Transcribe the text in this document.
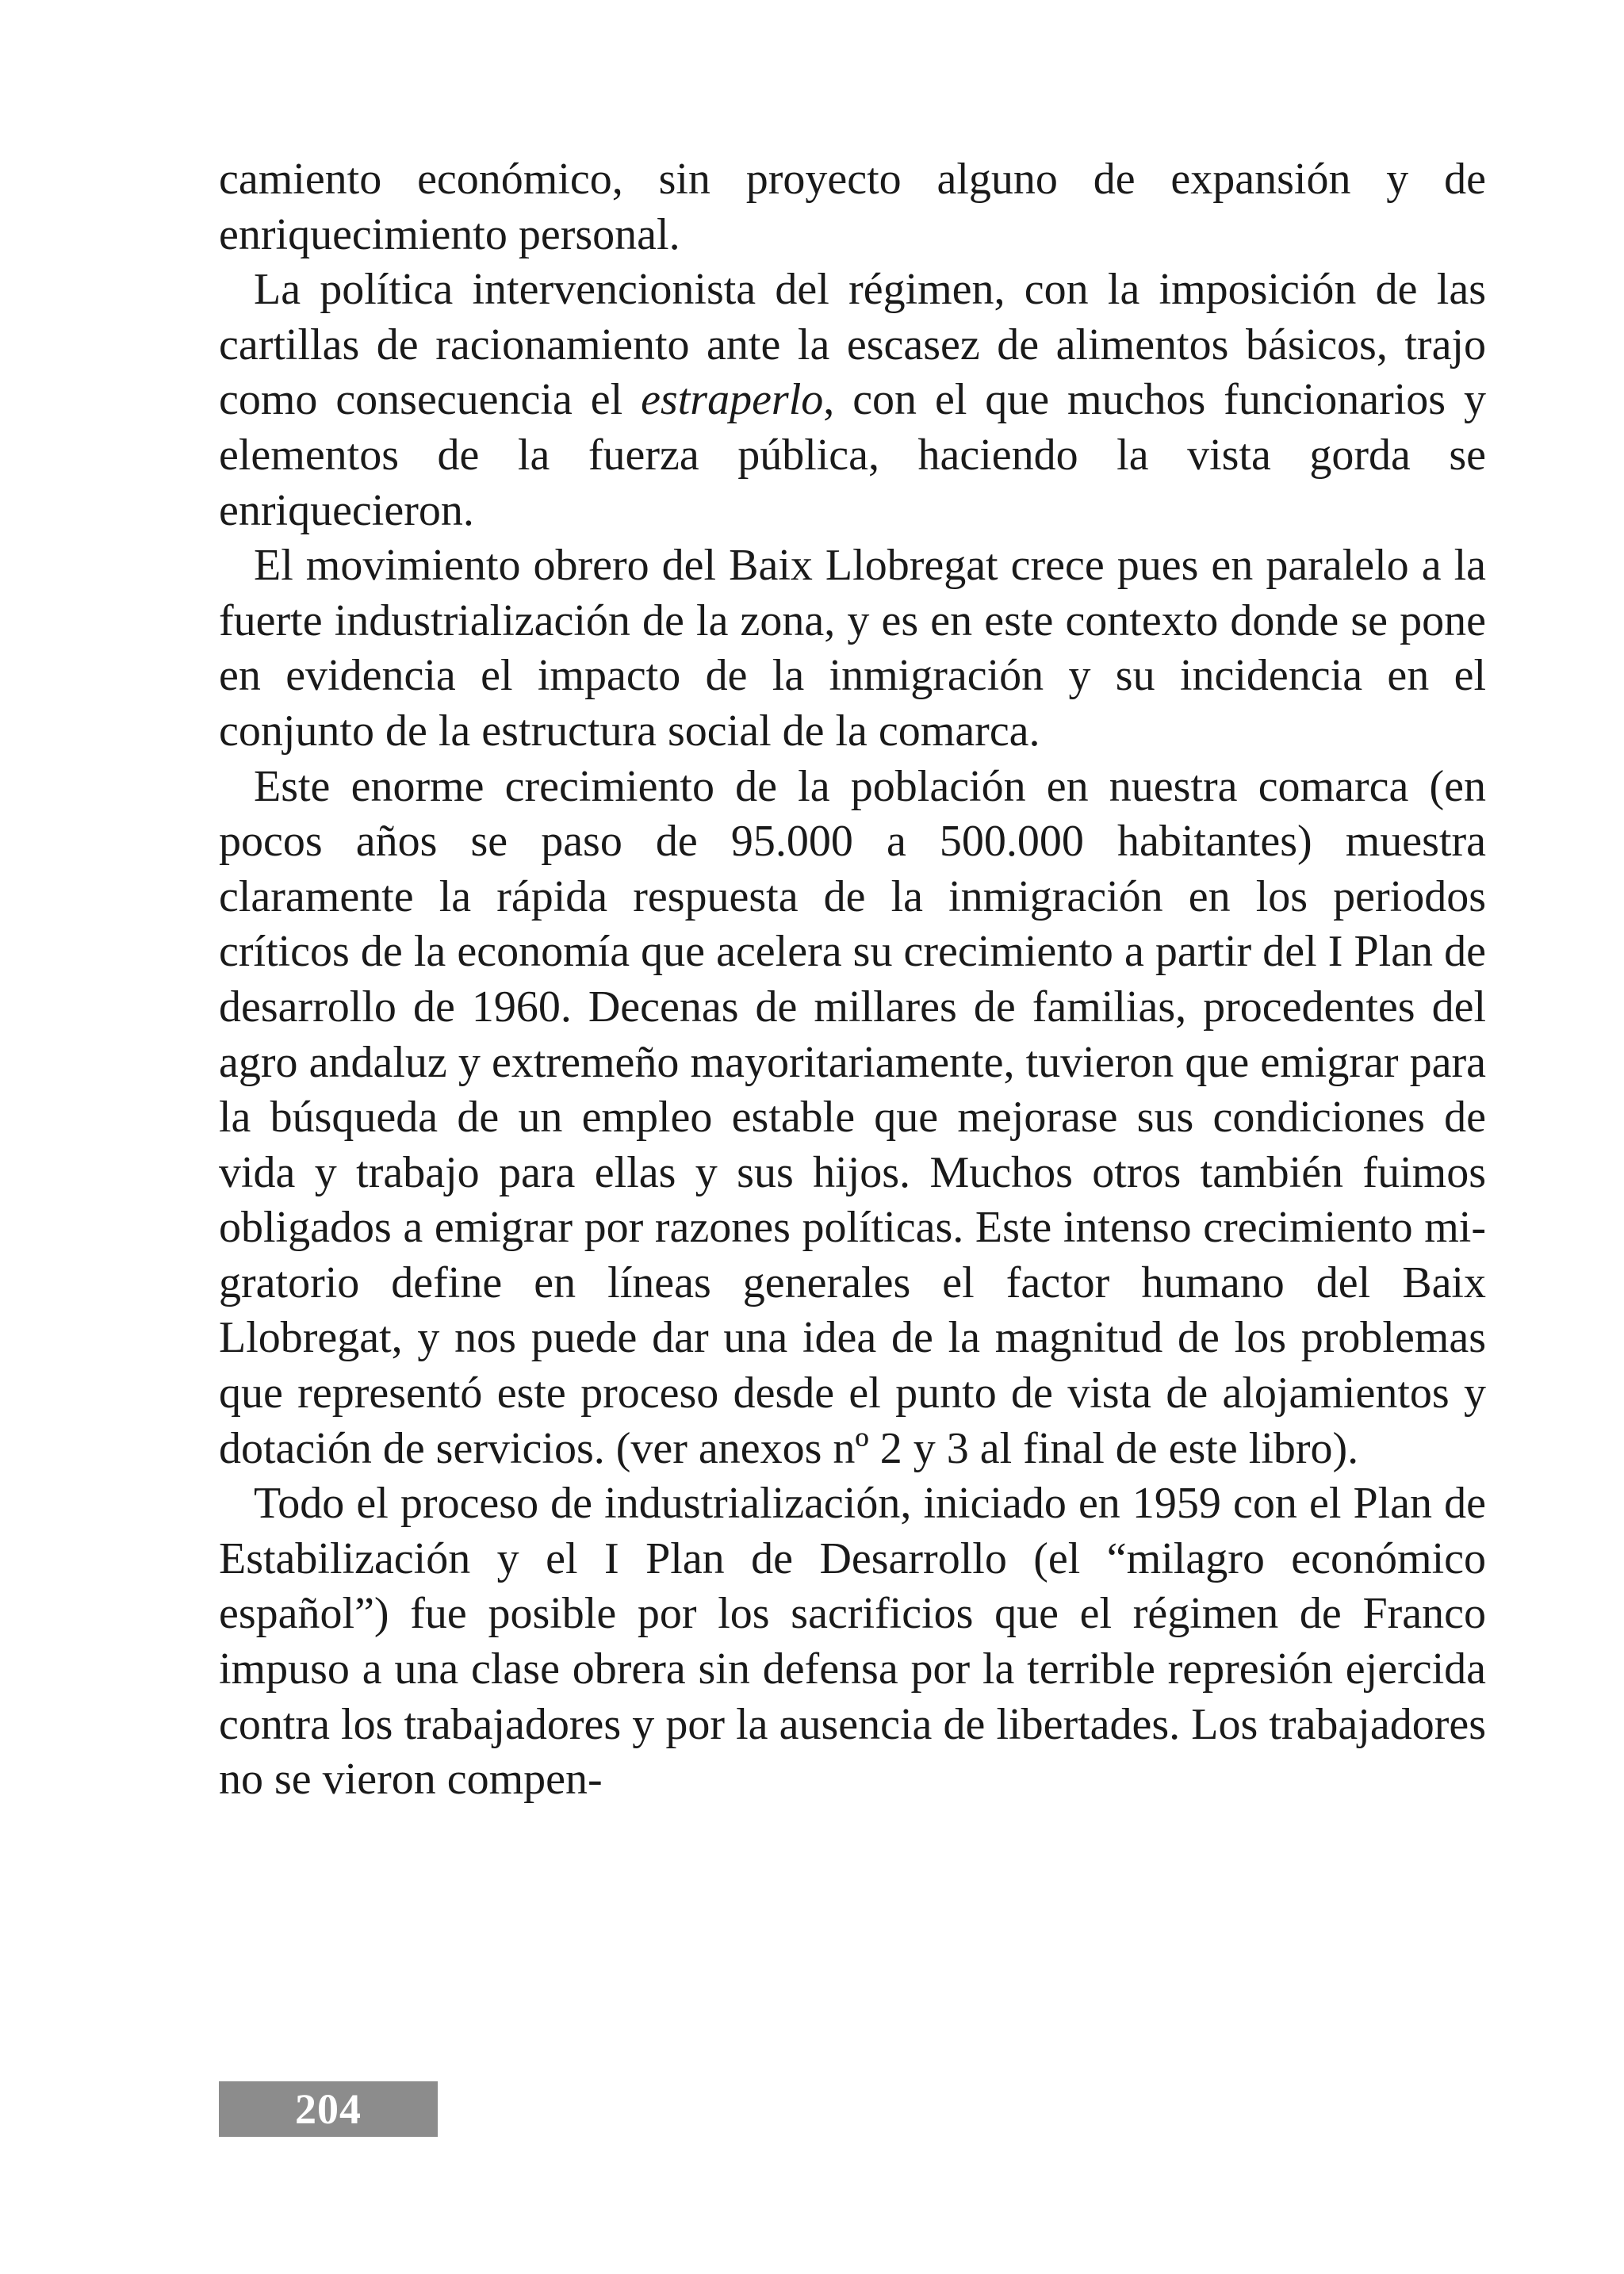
camiento económico, sin proyecto alguno de expansión y de enriquecimiento personal.

La política intervencionista del régimen, con la imposición de las cartillas de racionamiento ante la escasez de alimentos básicos, trajo como consecuencia el estraperlo, con el que muchos funcionarios y elementos de la fuerza pública, haciendo la vista gorda se enriquecieron.

El movimiento obrero del Baix Llobregat crece pues en paralelo a la fuerte industrialización de la zona, y es en este contexto donde se pone en evidencia el impacto de la inmigración y su incidencia en el conjunto de la estructura social de la comarca.

Este enorme crecimiento de la población en nuestra comarca (en pocos años se paso de 95.000 a 500.000 habitantes) muestra claramente la rápida respuesta de la inmigración en los periodos críticos de la economía que acelera su crecimiento a partir del I Plan de desarrollo de 1960. Decenas de millares de familias, procedentes del agro andaluz y extremeño mayoritariamente, tuvieron que emigrar para la búsqueda de un empleo estable que mejorase sus condiciones de vida y trabajo para ellas y sus hijos. Muchos otros también fuimos obligados a emigrar por razones políticas. Este intenso crecimiento migratorio define en líneas generales el factor humano del Baix Llobregat, y nos puede dar una idea de la magnitud de los problemas que representó este proceso desde el punto de vista de alojamientos y dotación de servicios. (ver anexos nº 2 y 3 al final de este libro).

Todo el proceso de industrialización, iniciado en 1959 con el Plan de Estabilización y el I Plan de Desarrollo (el “milagro económico español”) fue posible por los sacrificios que el régimen de Franco impuso a una clase obrera sin defensa por la terrible represión ejercida contra los trabajadores y por la ausencia de libertades. Los trabajadores no se vieron compen-

204
